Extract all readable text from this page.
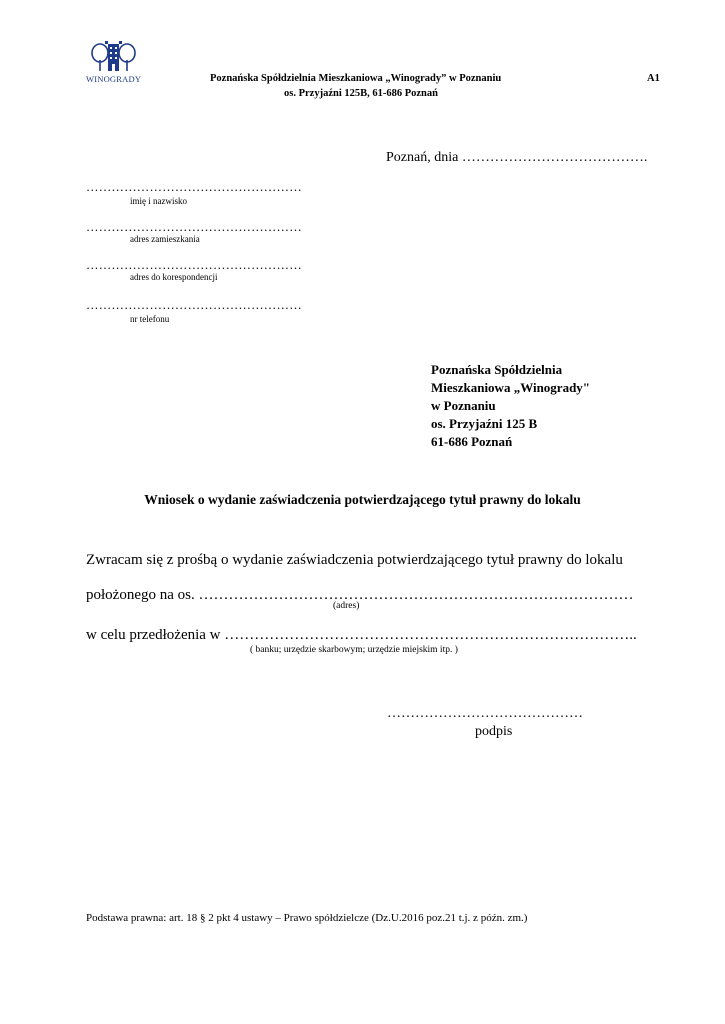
WINOGRADY	Poznańska Spółdzielnia Mieszkaniowa „Winogrady” w Poznaniu	A1
os. Przyjaźni 125B, 61-686 Poznań
Poznań, dnia ………………………………….
……………………………………………
imię i nazwisko
……………………………………………
adres zamieszkania
……………………………………………
adres do korespondencji
……………………………………………
nr telefonu
Poznańska Spółdzielnia
Mieszkaniowa „Winogrady"
w Poznaniu
os. Przyjaźni 125 B
61-686 Poznań
Wniosek o wydanie zaświadczenia potwierdzającego tytuł prawny do lokalu
Zwracam się z prośbą o wydanie zaświadczenia potwierdzającego tytuł prawny do lokalu
położonego na os. ……………………………………………………………………………
(adres)
w celu przedłożenia w ………………………………………………………………………..
( banku; urzędzie skarbowym; urzędzie miejskim itp. )
……………………………………
podpis
Podstawa prawna: art. 18 § 2 pkt 4 ustawy – Prawo spółdzielcze (Dz.U.2016 poz.21 t.j. z późn. zm.)
